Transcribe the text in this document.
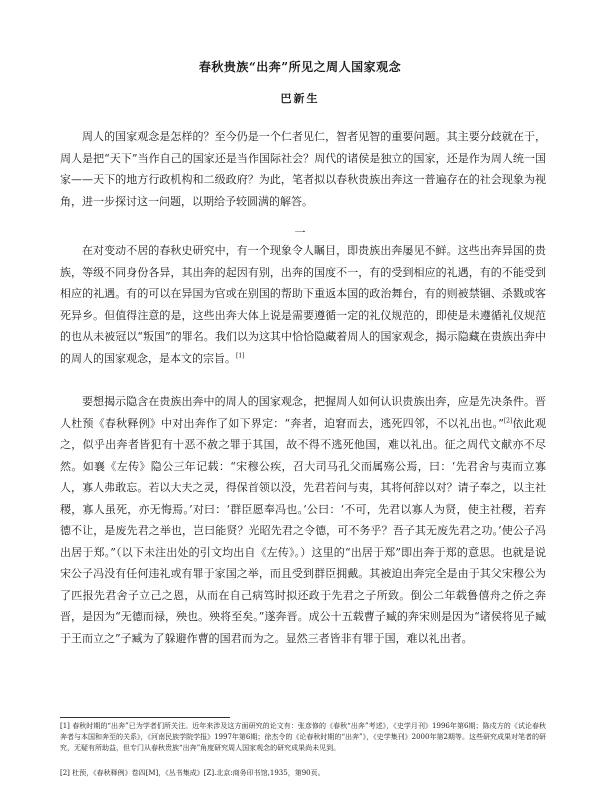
春秋贵族“出奔”所见之周人国家观念
巴新生

周人的国家观念是怎样的？至今仍是一个仁者见仁，智者见智的重要问题。其主要分歧就在于，周人是把“天下”当作自己的国家还是当作国际社会？周代的诸侯是独立的国家，还是作为周人统一国家——天下的地方行政机构和二级政府？为此，笔者拟以春秋贵族出奔这一普遍存在的社会现象为视角，进一步探讨这一问题，以期给予较圆满的解答。

一

在对变动不居的春秋史研究中，有一个现象令人瞩目，即贵族出奔屡见不鲜。这些出奔异国的贵族，等级不同身份各异，其出奔的起因有别，出奔的国度不一，有的受到相应的礼遇，有的不能受到相应的礼遇。有的可以在异国为官或在别国的帮助下重返本国的政治舞台，有的则被禁锢、杀戮或客死异乡。但值得注意的是，这些出奔大体上说是需要遵循一定的礼仪规范的，即使是未遵循礼仪规范的也从未被冠以“叛国”的罪名。我们以为这其中恰恰隐藏着周人的国家观念，揭示隐藏在贵族出奔中的周人的国家观念，是本文的宗旨。[1]

要想揭示隐含在贵族出奔中的周人的国家观念，把握周人如何认识贵族出奔，应是先决条件。晋人杜预《春秋释例》中对出奔作了如下界定：“奔者，迫窘而去，逃死四邻，不以礼出也。”[2]依此观之，似乎出奔者皆犯有十恶不赦之罪于其国，故不得不逃死他国，难以礼出。征之周代文献亦不尽然。如襄《左传》隐公三年记载：“宋穆公疾，召大司马孔父而属殇公焉，曰：‘先君舍与夷而立寡人，寡人弗敢忘。若以大夫之灵，得保首领以没，先君若问与夷，其将何辞以对？请子奉之，以主社稷，寡人虽死，亦无悔焉。’对曰：‘群臣愿奉冯也。’公曰：‘不可，先君以寡人为贤，使主社稷，若弃德不让，是废先君之举也，岂曰能贤？光昭先君之令德，可不务乎？吾子其无废先君之功。’使公子冯出居于郑。”（以下未注出处的引文均出自《左传》。）这里的“出居于郑”即出奔于郑的意思。也就是说宋公子冯没有任何违礼或有罪于家国之举，而且受到群臣拥戴。其被迫出奔完全是由于其父宋穆公为了匹报先君舍子立己之恩，从而在自己病笃时拟还政于先君之子所致。倒公二年载鲁僖舟之侨之奔晋，是因为“无德而禄，殃也。殃将至矣。”遂奔晋。成公十五载曹子臧的奔宋则是因为“诸侯将见子臧于王而立之”子臧为了躲避作曹的国君而为之。显然三者皆非有罪于国，难以礼出者。

[1] 春秋时期的“出奔”已为学者们所关注。近年来涉及这方面研究的论文有：张彦修的《春秋“出奔”考述》，《史学月刊》1996年第6期；陈戍方的《试论春秋奔者与本国和奔至的关系》，《河南民族学院学报》1997年第6期；徐杰令的《论春秋时期的“出奔”》，《史学集刊》2000年第2期等。这些研究成果对笔者的研究，无疑有所助益，但专门从春秋贵族“出奔”角度研究周人国家观念的研究成果尚未见到。

[2] 杜预，《春秋释例》卷四[M]，《丛书集成》[Z].北京:商务印书馆,1935，第90页。
